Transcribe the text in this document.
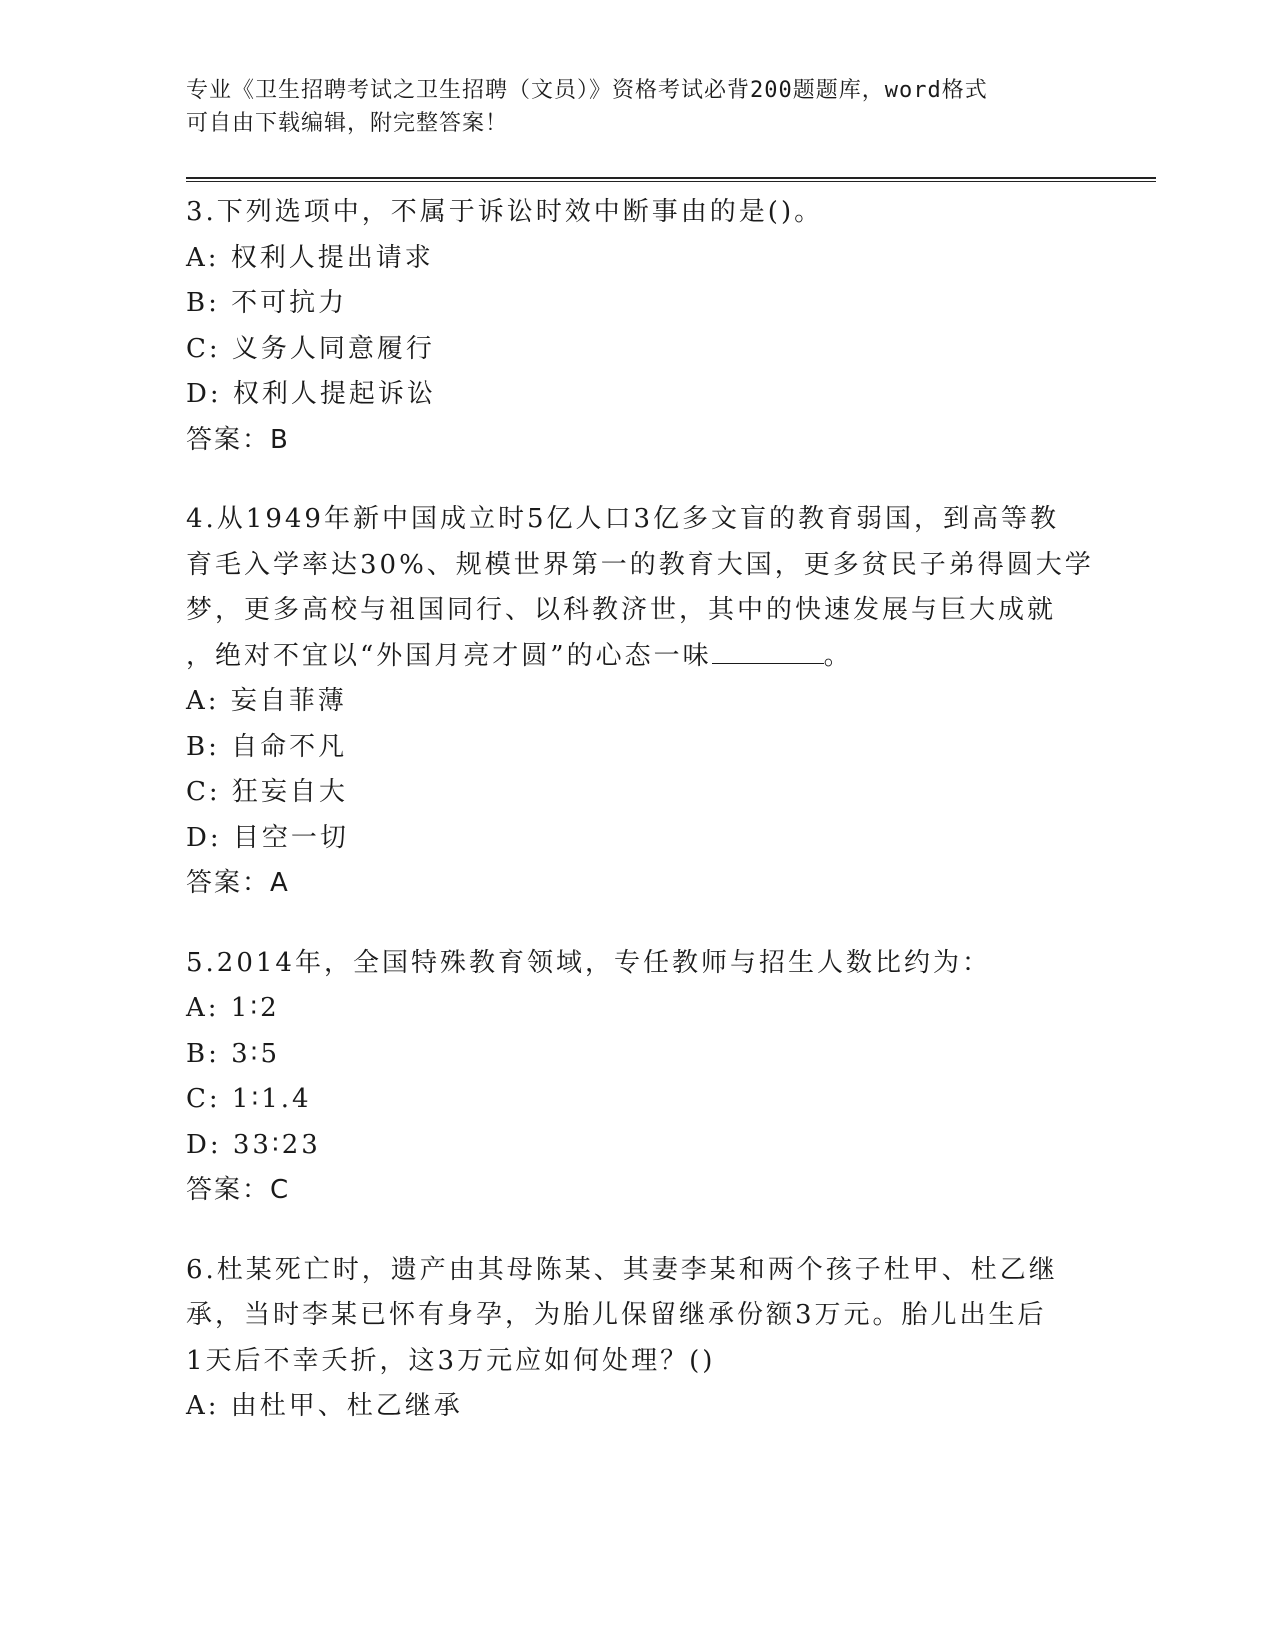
专业《卫生招聘考试之卫生招聘（文员）》资格考试必背200题题库，word格式
可自由下载编辑，附完整答案！
3.下列选项中，不属于诉讼时效中断事由的是()。
A: 权利人提出请求
B: 不可抗力
C: 义务人同意履行
D: 权利人提起诉讼
答案：B
4.从1949年新中国成立时5亿人口3亿多文盲的教育弱国，到高等教
育毛入学率达30%、规模世界第一的教育大国，更多贫民子弟得圆大学
梦，更多高校与祖国同行、以科教济世，其中的快速发展与巨大成就
，绝对不宜以“外国月亮才圆”的心态一味	。
A: 妄自菲薄
B: 自命不凡
C: 狂妄自大
D: 目空一切
答案：A
5.2014年，全国特殊教育领域，专任教师与招生人数比约为：
A: 1∶2
B: 3∶5
C: 1∶1.4
D: 33∶23
答案：C
6.杜某死亡时，遗产由其母陈某、其妻李某和两个孩子杜甲、杜乙继
承，当时李某已怀有身孕，为胎儿保留继承份额3万元。胎儿出生后
1天后不幸夭折，这3万元应如何处理？()
A: 由杜甲、杜乙继承
